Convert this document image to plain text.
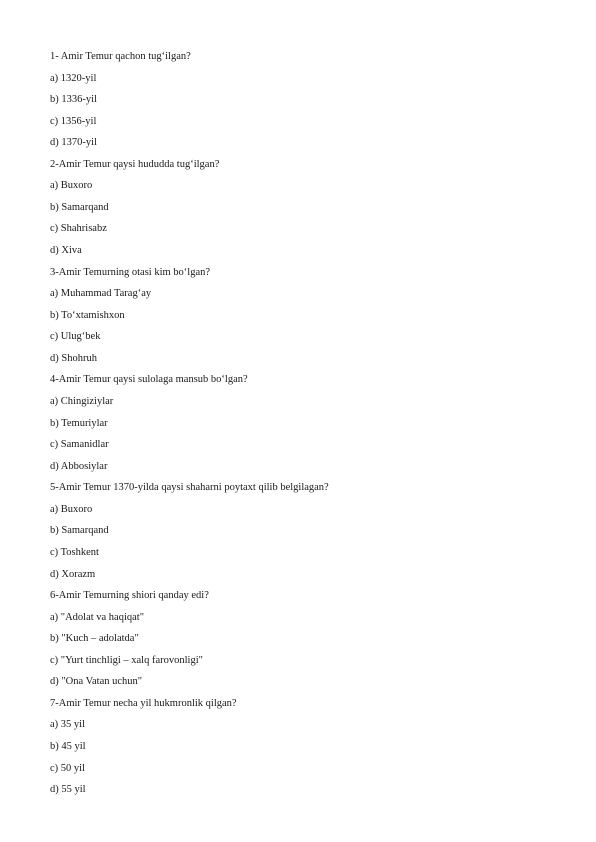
1- Amir Temur qachon tug‘ilgan?

a) 1320-yil

b) 1336-yil

c) 1356-yil

d) 1370-yil

2-Amir Temur qaysi hududda tug‘ilgan?

a) Buxoro

b) Samarqand

c) Shahrisabz

d) Xiva

3-Amir Temurning otasi kim bo‘lgan?

a) Muhammad Tarag‘ay

b) To‘xtamishxon

c) Ulug‘bek

d) Shohruh

4-Amir Temur qaysi sulolaga mansub bo‘lgan?

a) Chingiziylar

b) Temuriylar

c) Samanidlar

d) Abbosiylar

5-Amir Temur 1370-yilda qaysi shaharni poytaxt qilib belgilagan?

a) Buxoro

b) Samarqand

c) Toshkent

d) Xorazm

6-Amir Temurning shiori qanday edi?

a) "Adolat va haqiqat"

b) "Kuch – adolatda"

c) "Yurt tinchligi – xalq farovonligi"

d) "Ona Vatan uchun"

7-Amir Temur necha yil hukmronlik qilgan?

a) 35 yil

b) 45 yil

c) 50 yil

d) 55 yil
